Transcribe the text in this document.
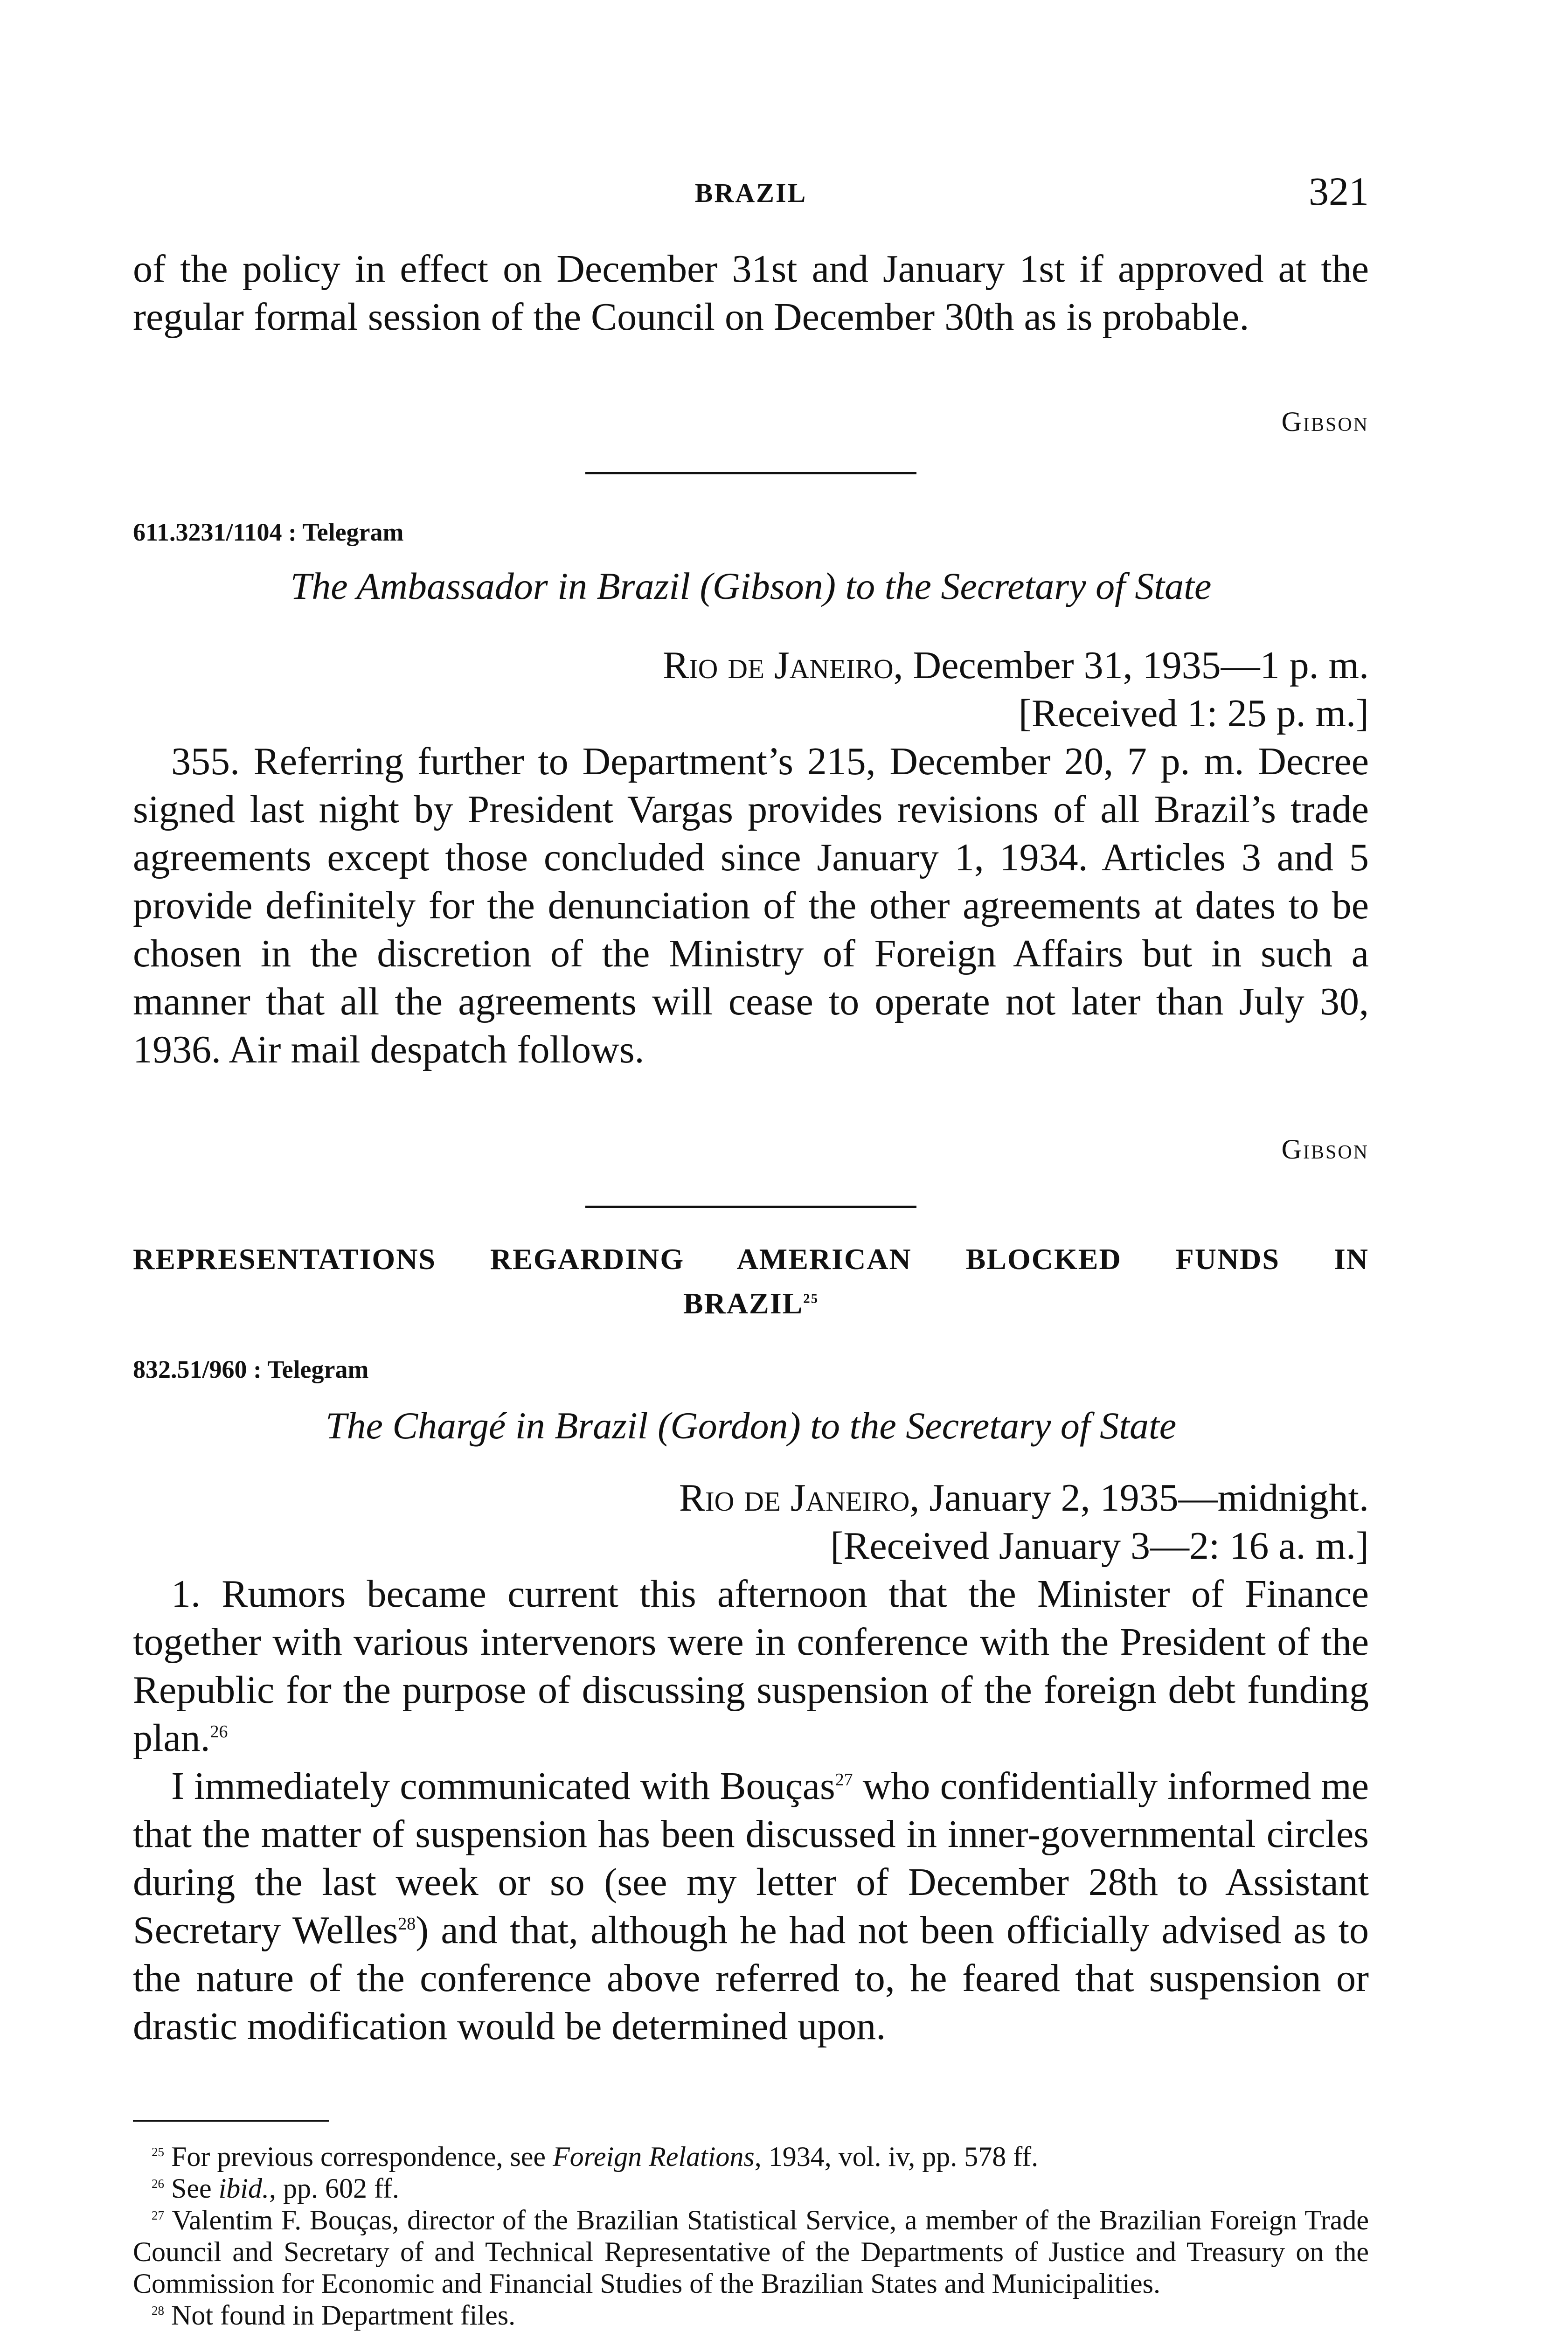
BRAZIL	321

of the policy in effect on December 31st and January 1st if approved at the regular formal session of the Council on December 30th as is probable.

Gibson
611.3231/1104 : Telegram
The Ambassador in Brazil (Gibson) to the Secretary of State
Rio de Janeiro, December 31, 1935—1 p. m.
[Received 1: 25 p. m.]

355. Referring further to Department’s 215, December 20, 7 p. m. Decree signed last night by President Vargas provides revisions of all Brazil’s trade agreements except those concluded since January 1, 1934. Articles 3 and 5 provide definitely for the denunciation of the other agreements at dates to be chosen in the discretion of the Ministry of Foreign Affairs but in such a manner that all the agreements will cease to operate not later than July 30, 1936. Air mail despatch follows.

Gibson
REPRESENTATIONS REGARDING AMERICAN BLOCKED FUNDS IN
BRAZIL$^{25}$
832.51/960 : Telegram
The Chargé in Brazil (Gordon) to the Secretary of State
Rio de Janeiro, January 2, 1935—midnight.
[Received January 3—2: 16 a. m.]

1. Rumors became current this afternoon that the Minister of Finance together with various intervenors were in conference with the President of the Republic for the purpose of discussing suspension of the foreign debt funding plan.$^{26}$

I immediately communicated with Bouças$^{27}$ who confidentially informed me that the matter of suspension has been discussed in inner-governmental circles during the last week or so (see my letter of December 28th to Assistant Secretary Welles$^{28}$) and that, although he had not been officially advised as to the nature of the conference above referred to, he feared that suspension or drastic modification would be determined upon.

$^{25}$ For previous correspondence, see Foreign Relations, 1934, vol. iv, pp. 578 ff.

$^{26}$ See ibid., pp. 602 ff.

$^{27}$ Valentim F. Bouças, director of the Brazilian Statistical Service, a member of the Brazilian Foreign Trade Council and Secretary of and Technical Representative of the Departments of Justice and Treasury on the Commission for Economic and Financial Studies of the Brazilian States and Municipalities.

$^{28}$ Not found in Department files.
